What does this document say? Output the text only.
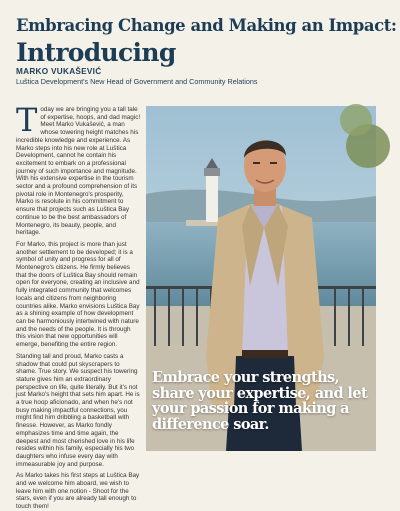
Embracing Change and Making an Impact:
Introducing
MARKO VUKAŠEVIĆ
Luštica Development's New Head of Government and Community Relations

Today we are bringing you a tall tale of expertise, hoops, and dad magic! Meet Marko Vukašević, a man whose towering height matches his incredible knowledge and experience. As Marko steps into his new role at Luštica Development, cannot he contain his excitement to embark on a professional journey of such importance and magnitude. With his extensive expertise in the tourism sector and a profound comprehension of its pivotal role in Montenegro's prosperity, Marko is resolute in his commitment to ensure that projects such as Luštica Bay continue to be the best ambassadors of Montenegro, its beauty, people, and heritage.

For Marko, this project is more than just another settlement to be developed; it is a symbol of unity and progress for all of Montenegro's citizens. He firmly believes that the doors of Luštica Bay should remain open for everyone, creating an inclusive and fully integrated community that welcomes locals and citizens from neighboring countries alike. Marko envisions Luštica Bay as a shining example of how development can be harmoniously intertwined with nature and the needs of the people. It is through this vision that new opportunities will emerge, benefiting the entire region.

Standing tall and proud, Marko casts a shadow that could put skyscrapers to shame. True story. We suspect his towering stature gives him an extraordinary perspective on life, quite literally. But it's not just Marko's height that sets him apart. He is a true hoop aficionado, and when he's not busy making impactful connections, you might find him dribbling a basketball with finesse. However, as Marko fondly emphasizes time and time again, the deepest and most cherished love in his life resides within his family, especially his two daughters who infuse every day with immeasurable joy and purpose.

As Marko takes his first steps at Luštica Bay and we welcome him aboard, we wish to leave him with one notion - Shoot for the stars, even if you are already tall enough to touch them!

Embrace your strengths, share your expertise, and let your passion for making a difference soar.
